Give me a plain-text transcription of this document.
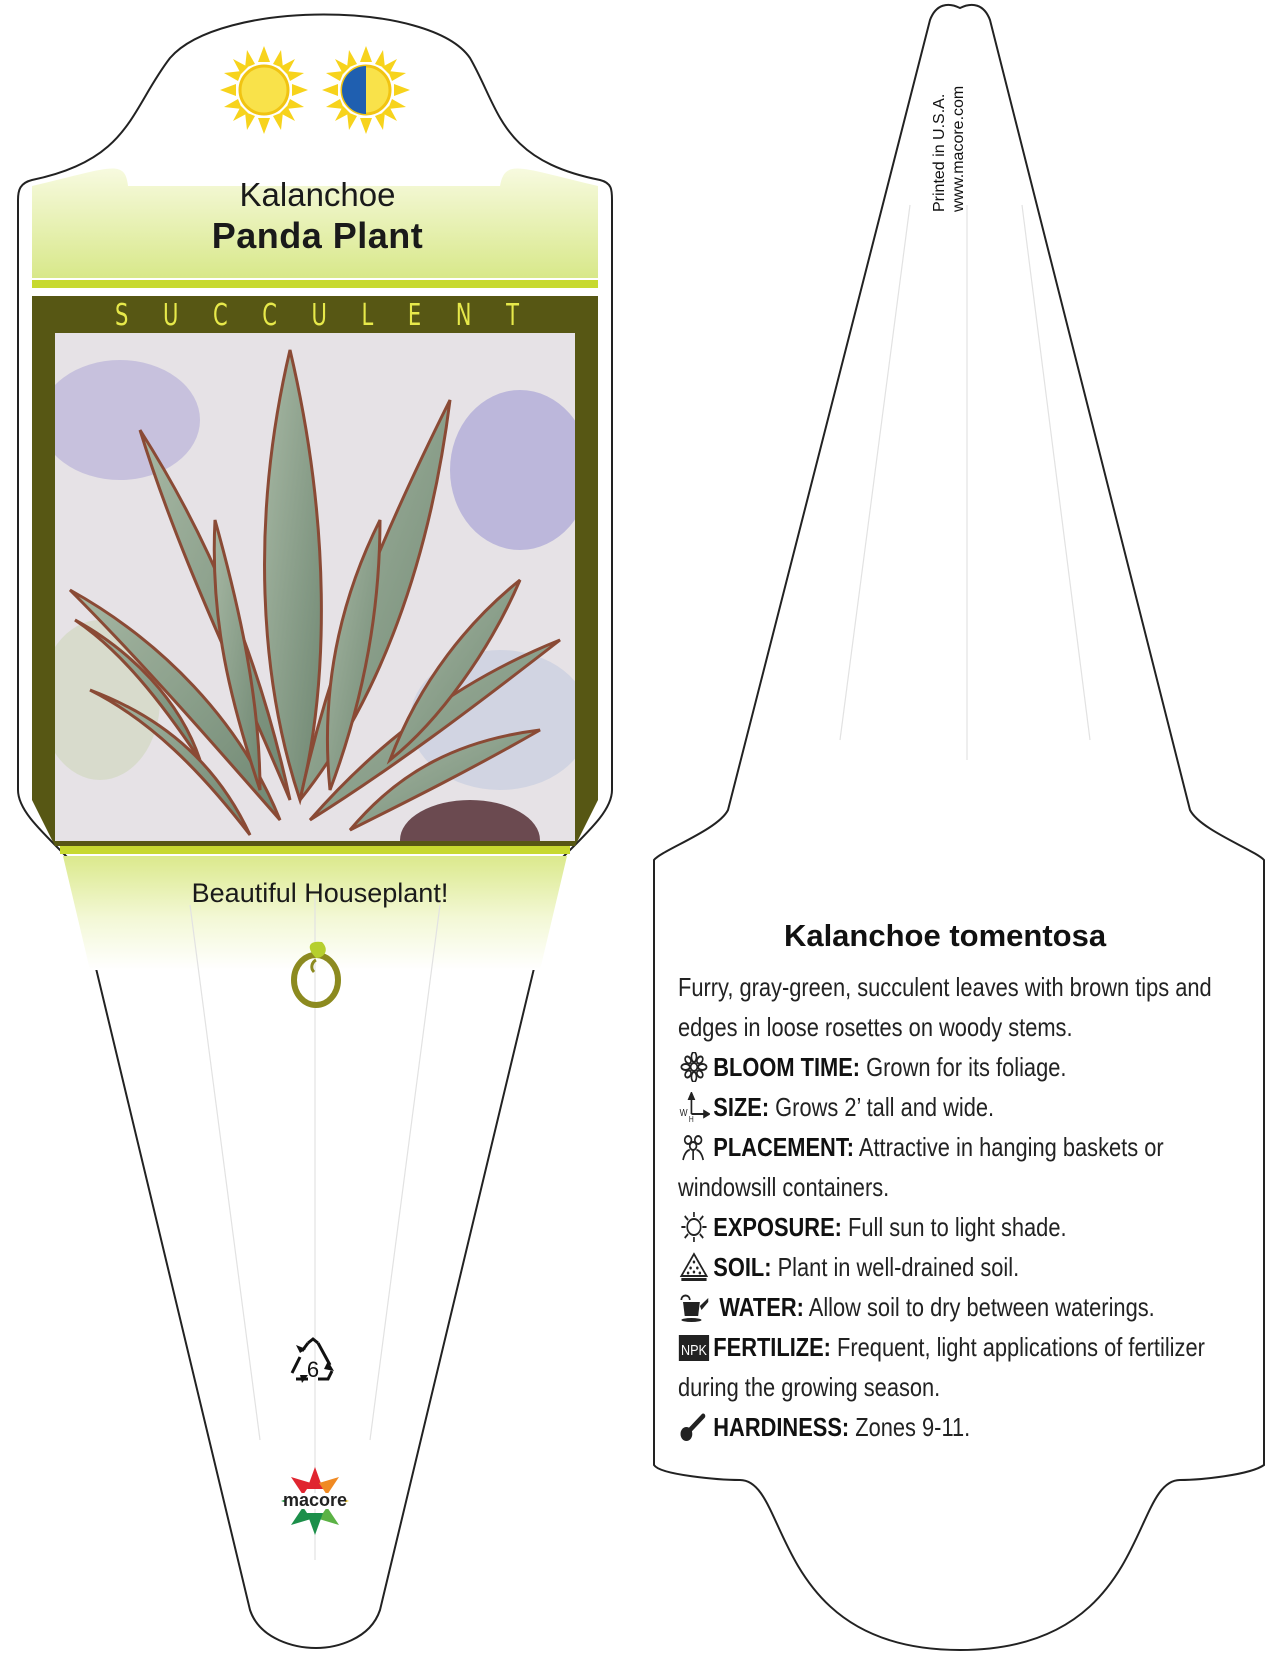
Kalanchoe
Panda Plant
S U C C U L E N T
Beautiful Houseplant!
6
macore
Printed in U.S.A. www.macore.com
Kalanchoe tomentosa
Furry, gray-green, succulent leaves with brown tips and edges in loose rosettes on woody stems.
BLOOM TIME: Grown for its foliage.
W
H SIZE: Grows 2’ tall and wide.
PLACEMENT: Attractive in hanging baskets or windowsill containers.
EXPOSURE: Full sun to light shade.
SOIL: Plant in well-drained soil.
WATER: Allow soil to dry between waterings.
NPK FERTILIZE: Frequent, light applications of fertilizer during the growing season.
HARDINESS: Zones 9-11.
